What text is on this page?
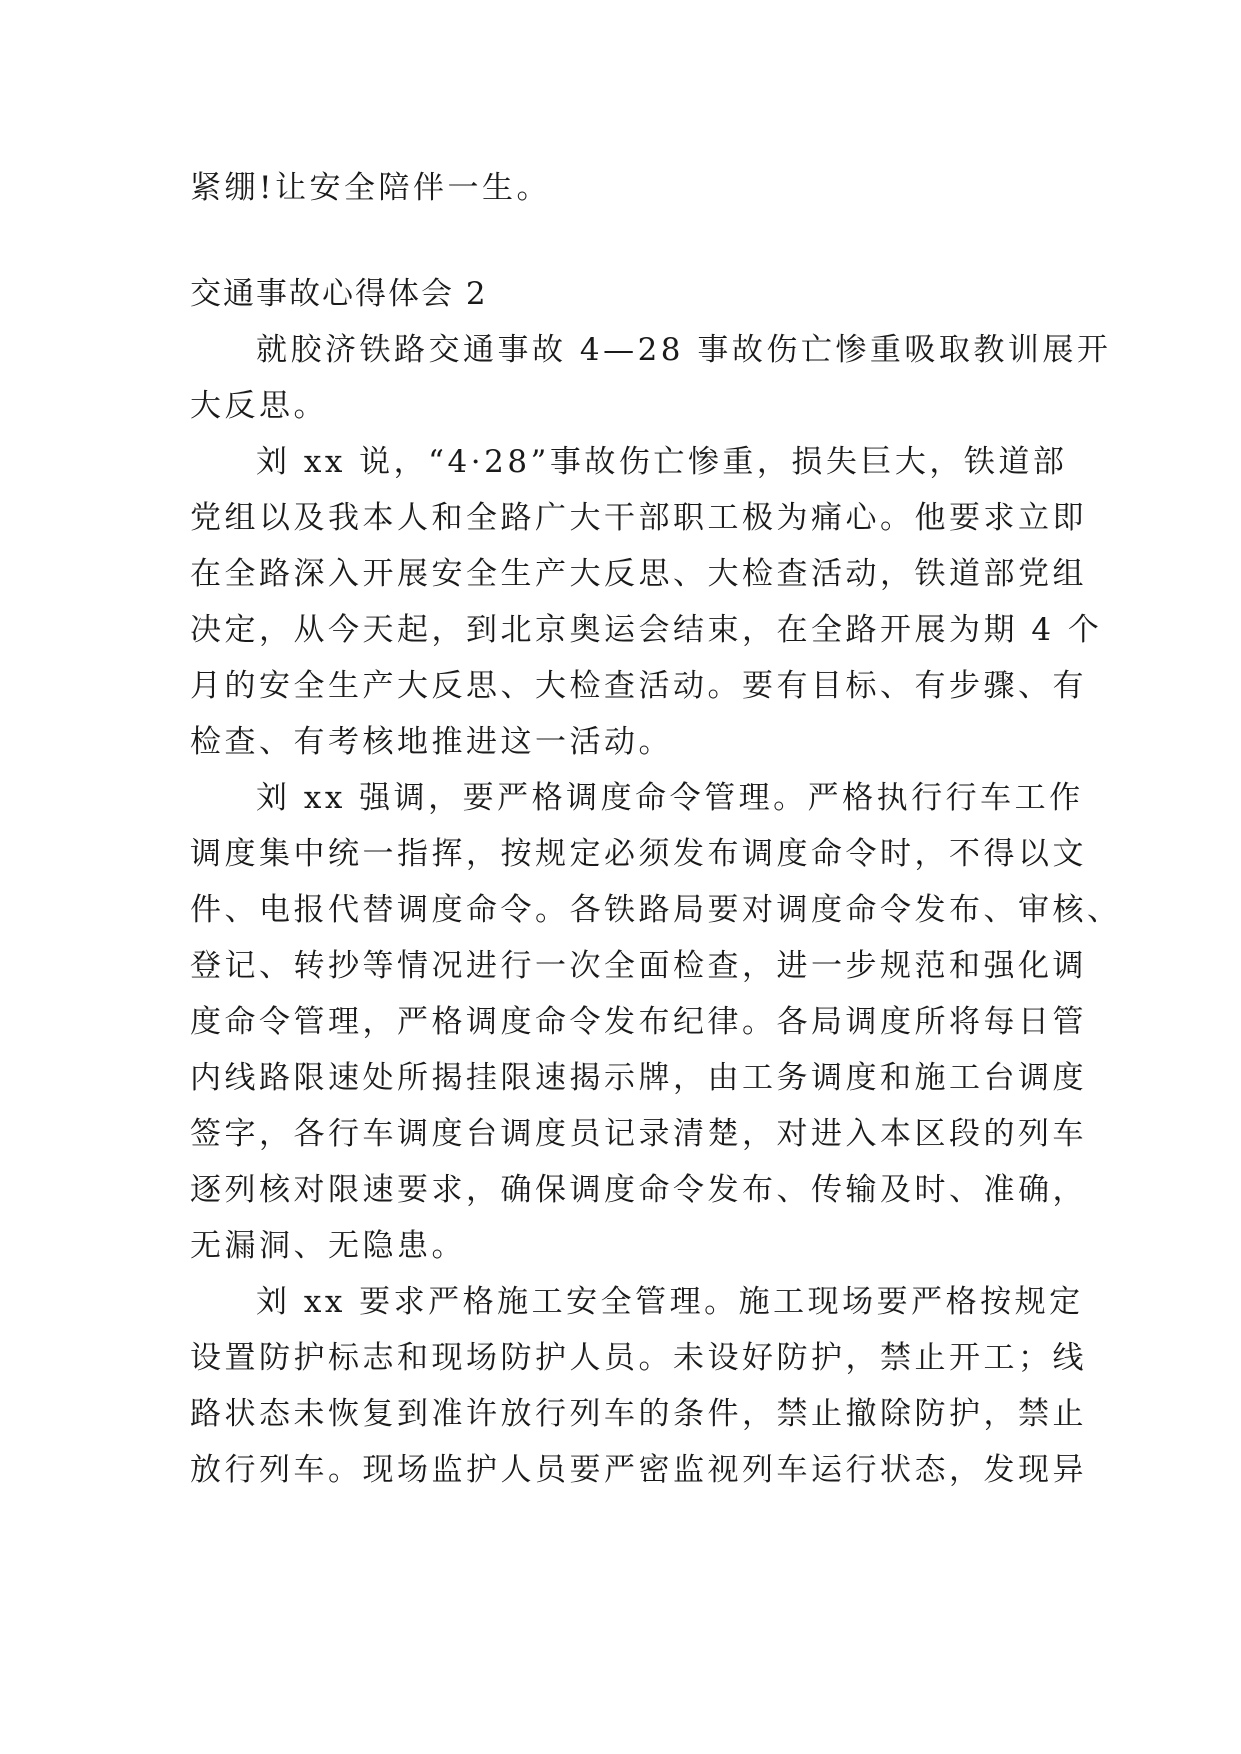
紧绷!让安全陪伴一生。

交通事故心得体会 2

就胶济铁路交通事故 4—28 事故伤亡惨重吸取教训展开

大反思。

刘 xx 说，“4·28”事故伤亡惨重，损失巨大，铁道部

党组以及我本人和全路广大干部职工极为痛心。他要求立即

在全路深入开展安全生产大反思、大检查活动，铁道部党组

决定，从今天起，到北京奥运会结束，在全路开展为期 4 个

月的安全生产大反思、大检查活动。要有目标、有步骤、有

检查、有考核地推进这一活动。

刘 xx 强调，要严格调度命令管理。严格执行行车工作

调度集中统一指挥，按规定必须发布调度命令时，不得以文

件、电报代替调度命令。各铁路局要对调度命令发布、审核、

登记、转抄等情况进行一次全面检查，进一步规范和强化调

度命令管理，严格调度命令发布纪律。各局调度所将每日管

内线路限速处所揭挂限速揭示牌，由工务调度和施工台调度

签字，各行车调度台调度员记录清楚，对进入本区段的列车

逐列核对限速要求，确保调度命令发布、传输及时、准确，

无漏洞、无隐患。

刘 xx 要求严格施工安全管理。施工现场要严格按规定

设置防护标志和现场防护人员。未设好防护，禁止开工；线

路状态未恢复到准许放行列车的条件，禁止撤除防护，禁止

放行列车。现场监护人员要严密监视列车运行状态，发现异
